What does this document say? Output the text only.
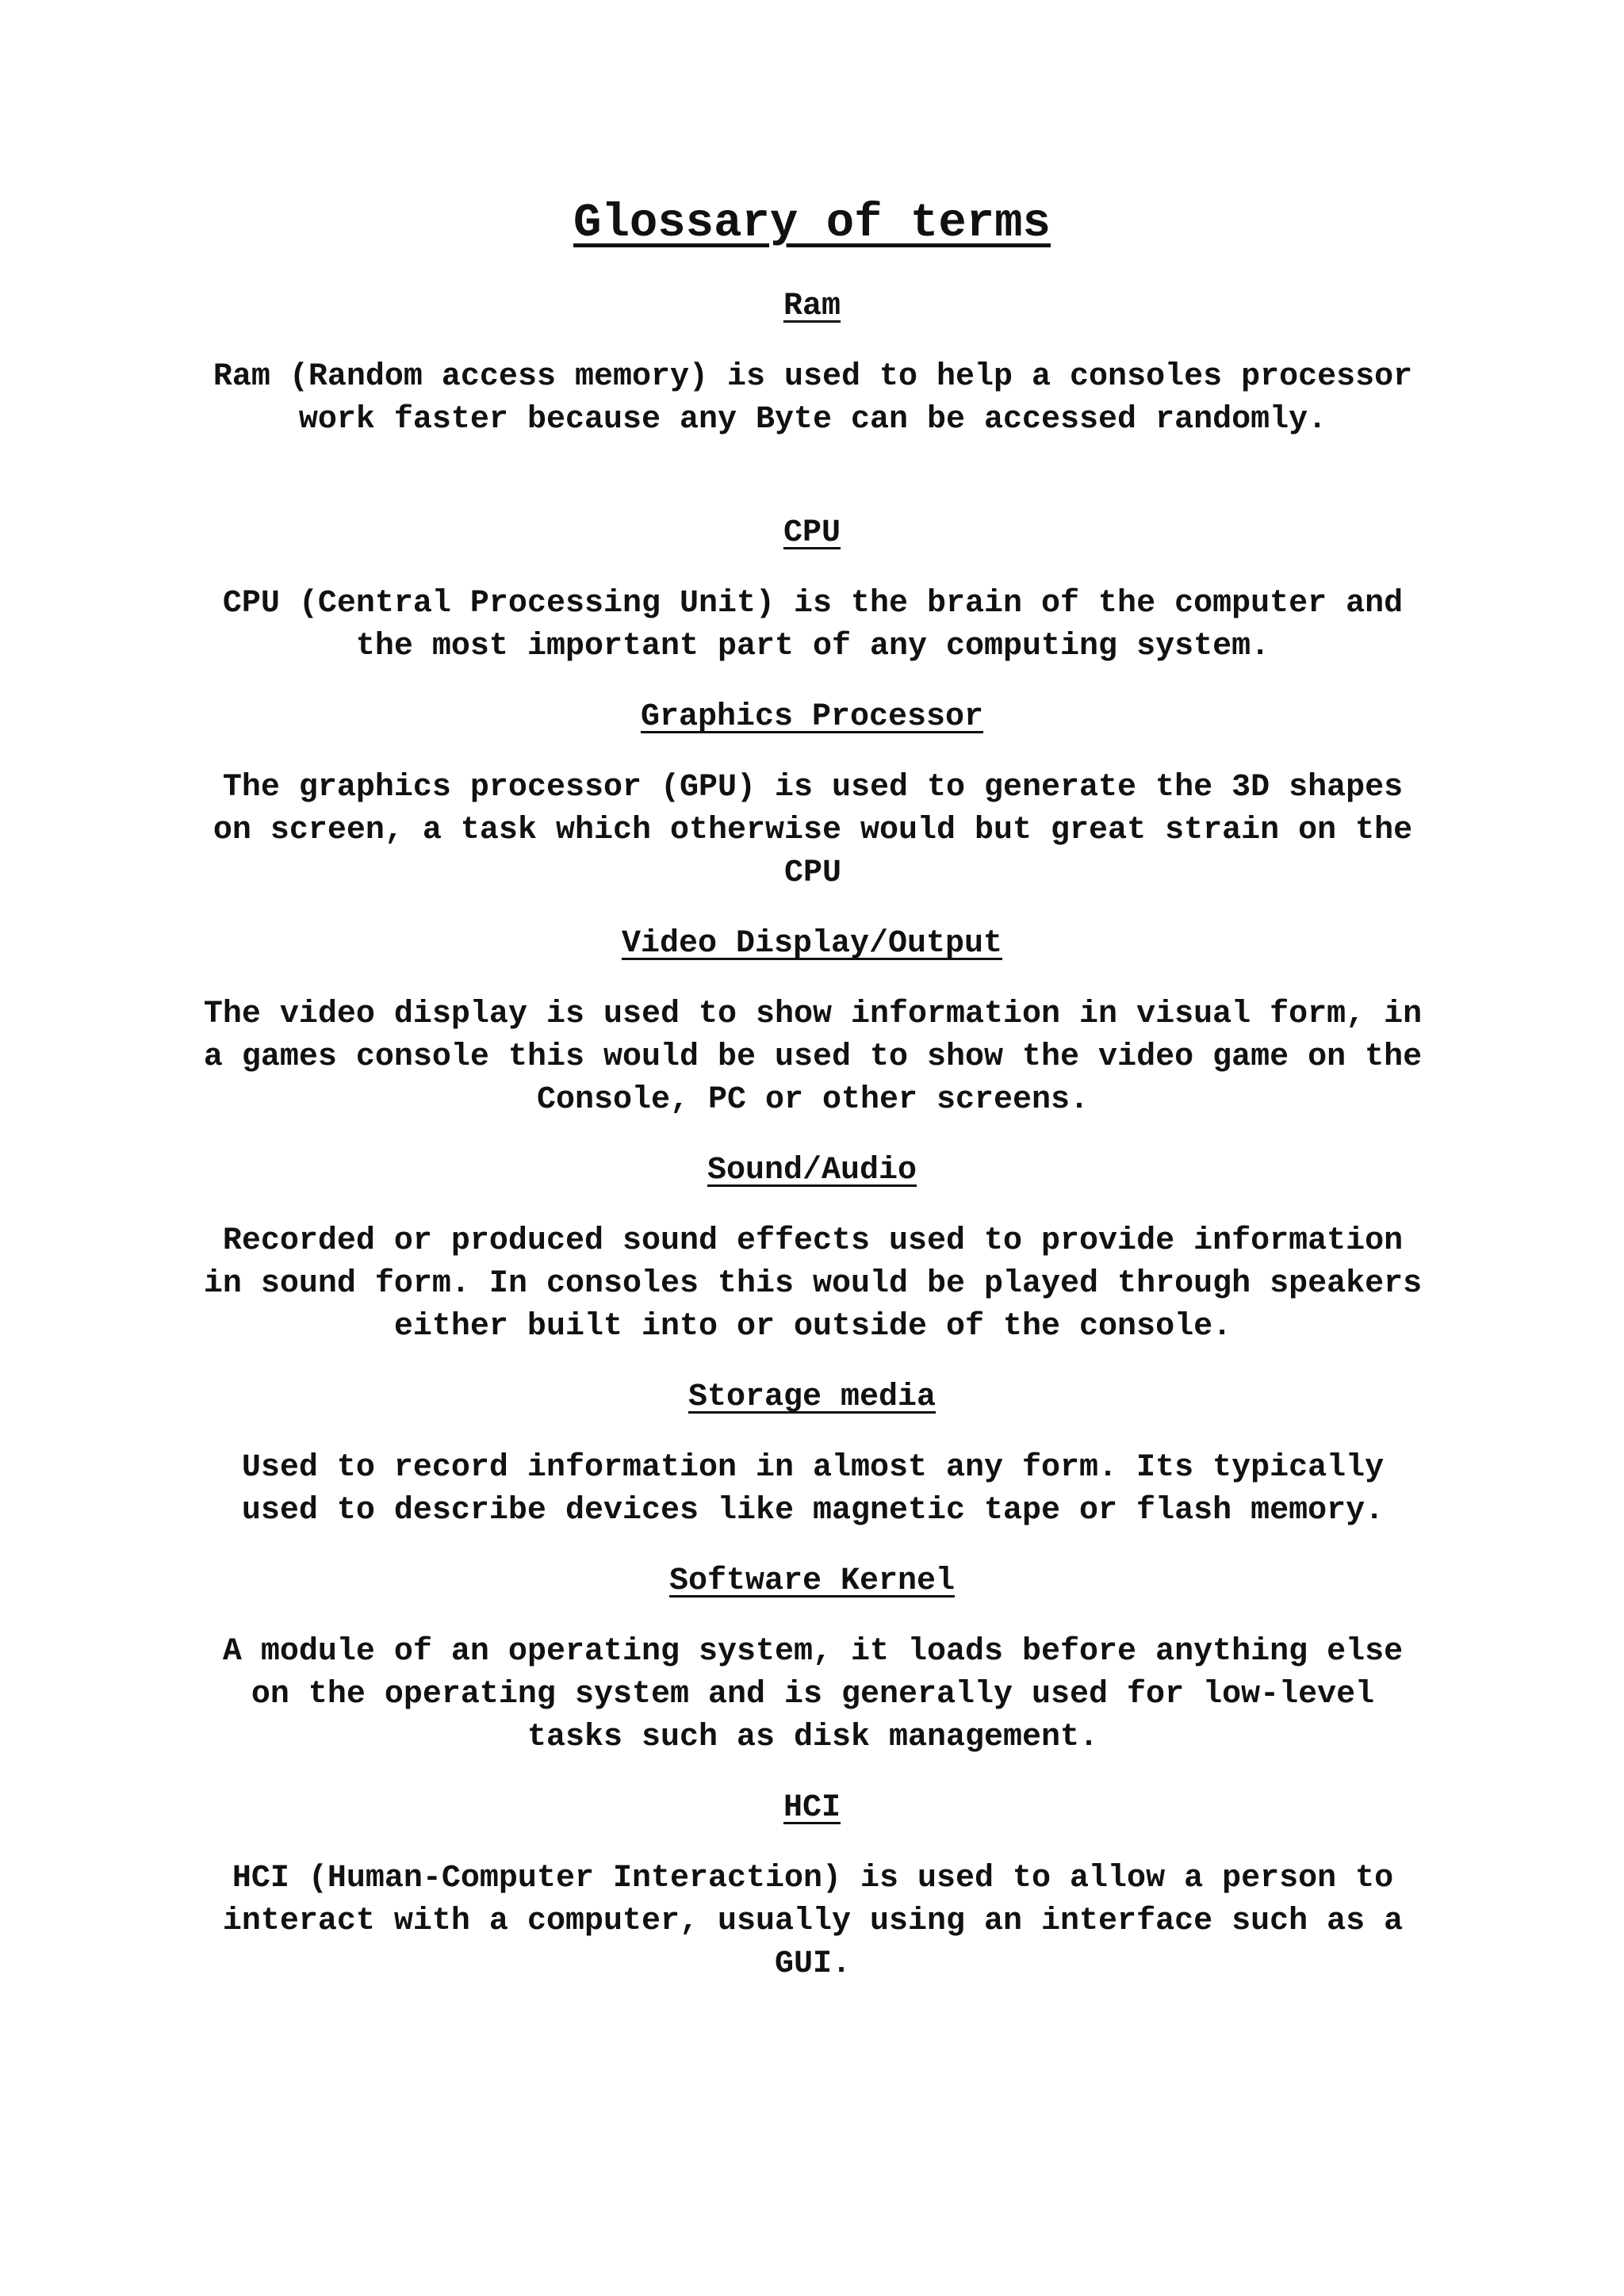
Glossary of terms
Ram

Ram (Random access memory) is used to help a consoles processor work faster because any Byte can be accessed randomly.

CPU

CPU (Central Processing Unit) is the brain of the computer and the most important part of any computing system.

Graphics Processor

The graphics processor (GPU) is used to generate the 3D shapes on screen, a task which otherwise would but great strain on the CPU

Video Display/Output

The video display is used to show information in visual form, in a games console this would be used to show the video game on the Console, PC or other screens.

Sound/Audio

Recorded or produced sound effects used to provide information in sound form. In consoles this would be played through speakers either built into or outside of the console.

Storage media

Used to record information in almost any form. Its typically used to describe devices like magnetic tape or flash memory.

Software Kernel

A module of an operating system, it loads before anything else on the operating system and is generally used for low-level tasks such as disk management.

HCI

HCI (Human-Computer Interaction) is used to allow a person to interact with a computer, usually using an interface such as a GUI.
